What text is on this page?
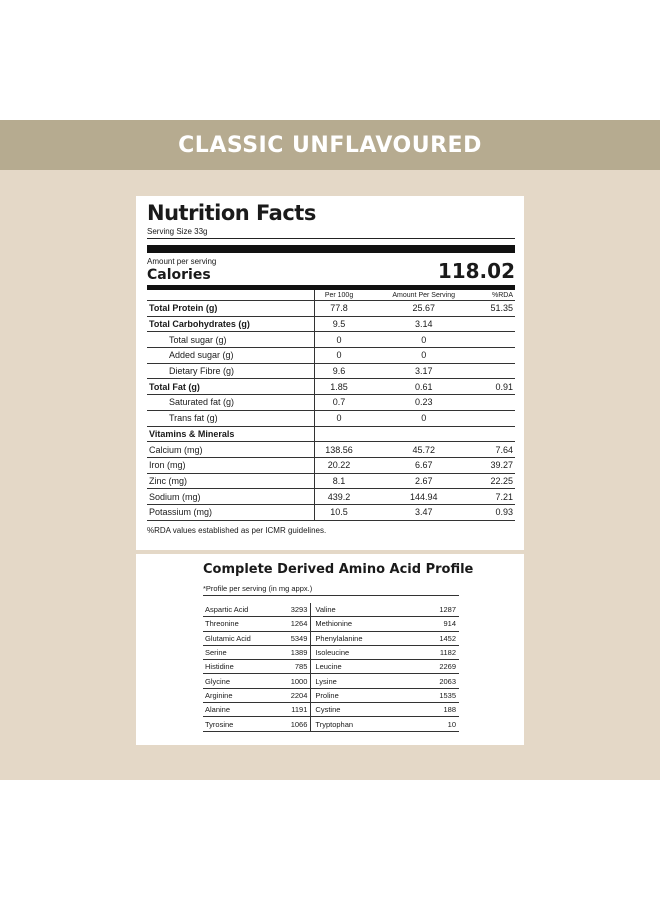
CLASSIC UNFLAVOURED
Nutrition Facts
Serving Size 33g
Amount per serving
Calories	118.02
	Per 100g	Amount Per Serving	%RDA
Total Protein (g)	77.8	25.67	51.35
Total Carbohydrates (g)	9.5	3.14	
Total sugar (g)	0	0	
Added sugar (g)	0	0	
Dietary Fibre (g)	9.6	3.17	
Total Fat (g)	1.85	0.61	0.91
Saturated fat (g)	0.7	0.23	
Trans fat (g)	0	0	
Vitamins & Minerals			
Calcium (mg)	138.56	45.72	7.64
Iron (mg)	20.22	6.67	39.27
Zinc (mg)	8.1	2.67	22.25
Sodium (mg)	439.2	144.94	7.21
Potassium (mg)	10.5	3.47	0.93
%RDA values established as per ICMR guidelines.
Complete Derived Amino Acid Profile
*Profile per serving (in mg appx.)
Aspartic Acid	3293	Valine	1287
Threonine	1264	Methionine	914
Glutamic Acid	5349	Phenylalanine	1452
Serine	1389	Isoleucine	1182
Histidine	785	Leucine	2269
Glycine	1000	Lysine	2063
Arginine	2204	Proline	1535
Alanine	1191	Cystine	188
Tyrosine	1066	Tryptophan	10
